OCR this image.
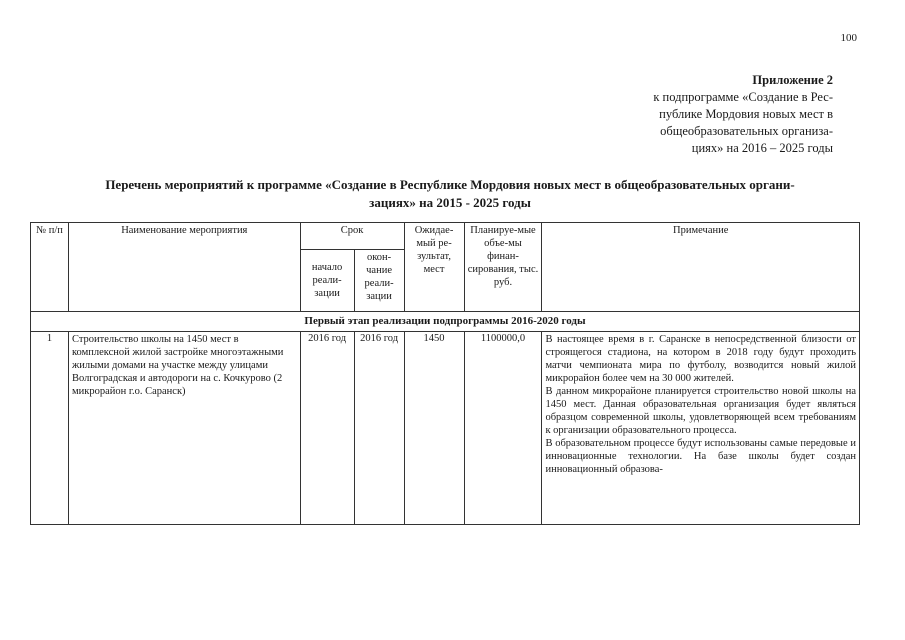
100
Приложение 2
к подпрограмме «Создание в Рес-
публике Мордовия новых мест в
общеобразовательных организа-
циях» на 2016 – 2025 годы
Перечень мероприятий к программе «Создание в Республике Мордовия новых мест в общеобразовательных органи-
зациях» на 2015 - 2025 годы
№ п/п	Наименование мероприятия	Срок		Ожидае-мый ре-зультат, мест	Планируе-мые объе-мы финан-сирования, тыс. руб.	Примечание
		начало реали-зации	окон-чание реали-зации			
Первый этап реализации подпрограммы 2016-2020 годы						
1	Строительство школы на 1450 мест в комплексной жилой застройке многоэтажными жилыми домами на участке между улицами Волгоградская и автодороги на с. Кочкурово (2 микрорайон г.о. Саранск)	2016 год	2016 год	1450	1100000,0	В настоящее время в г. Саранске в непосредственной близости от строящегося стадиона, на котором в 2018 году будут проходить матчи чемпионата мира по футболу, возводится новый жилой микрорайон более чем на 30 000 жителей.

В данном микрорайоне планируется строительство новой школы на 1450 мест. Данная образовательная организация будет являться образцом современной школы, удовлетворяющей всем требованиям к организации образовательного процесса.

В образовательном процессе будут использованы самые передовые и инновационные технологии. На базе школы будет создан инновационный образова-
